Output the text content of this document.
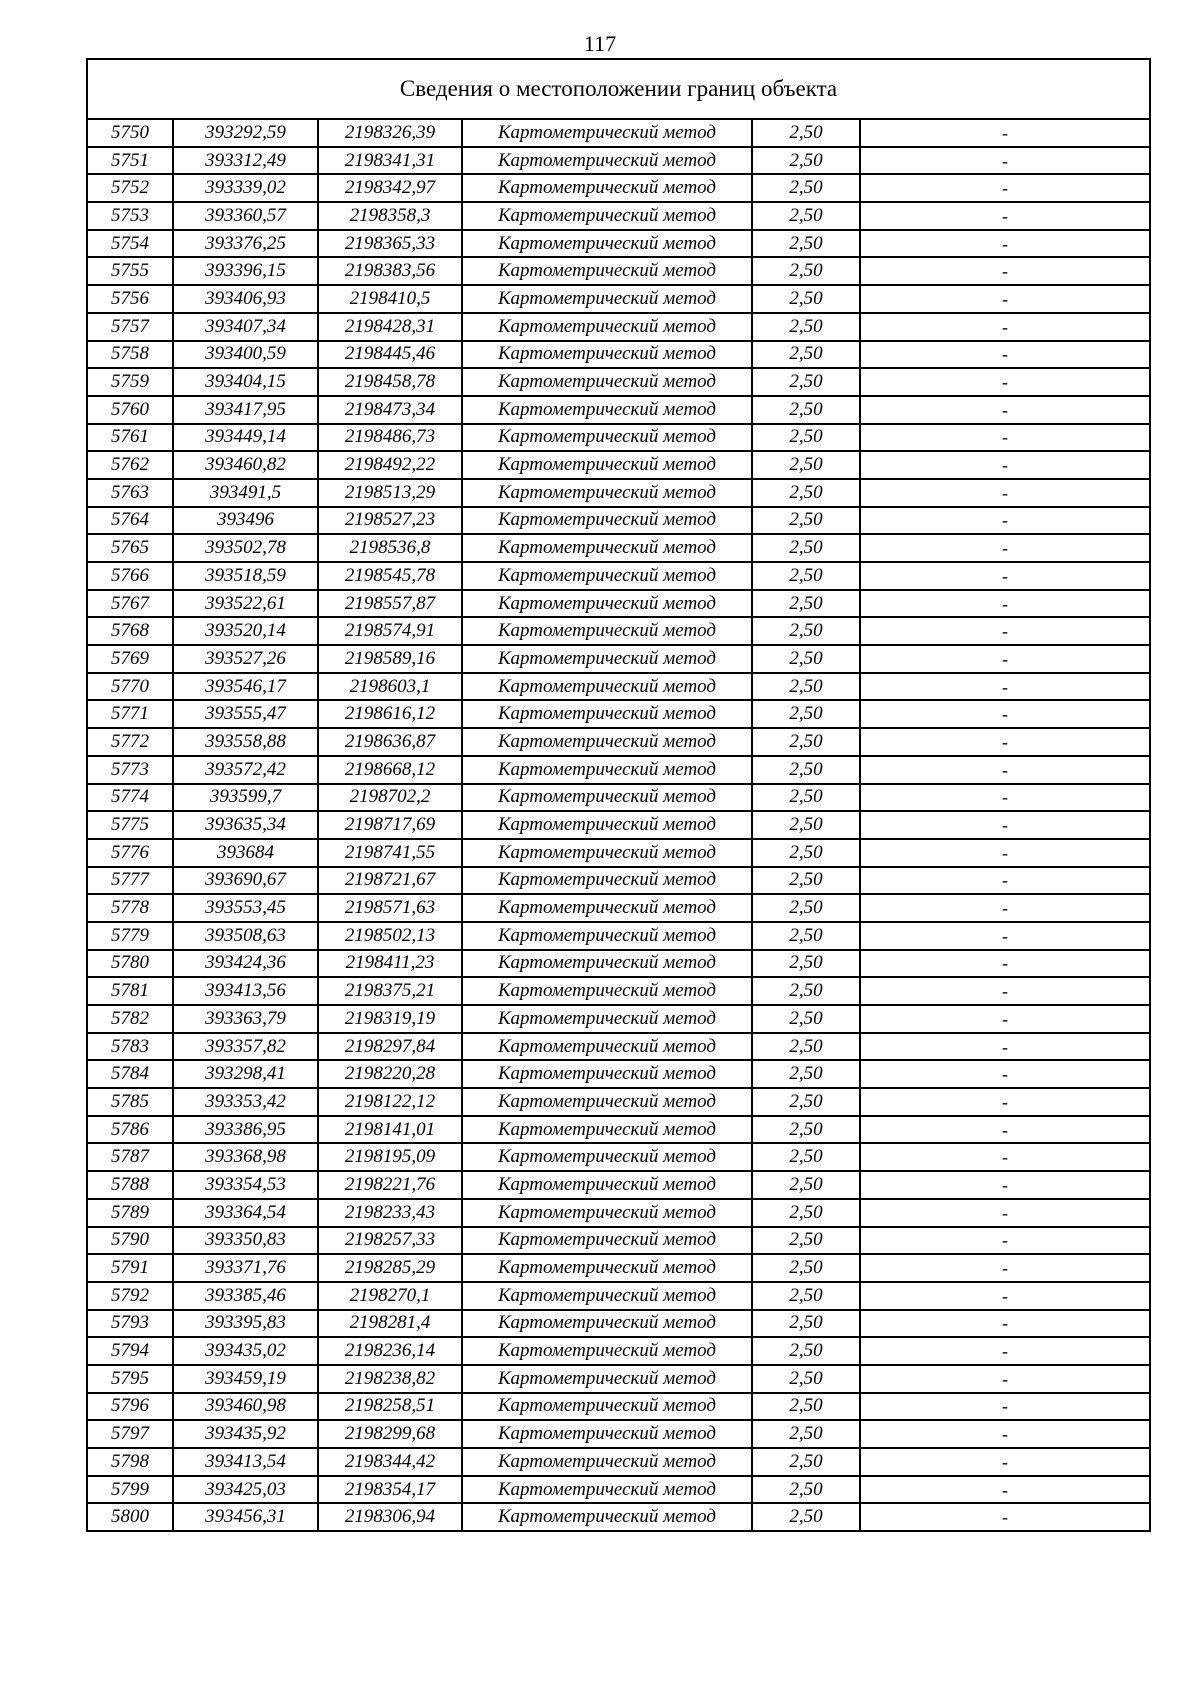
117
Сведения о местоположении границ объекта					
5750	393292,59	2198326,39	Картометрический метод	2,50	-
5751	393312,49	2198341,31	Картометрический метод	2,50	-
5752	393339,02	2198342,97	Картометрический метод	2,50	-
5753	393360,57	2198358,3	Картометрический метод	2,50	-
5754	393376,25	2198365,33	Картометрический метод	2,50	-
5755	393396,15	2198383,56	Картометрический метод	2,50	-
5756	393406,93	2198410,5	Картометрический метод	2,50	-
5757	393407,34	2198428,31	Картометрический метод	2,50	-
5758	393400,59	2198445,46	Картометрический метод	2,50	-
5759	393404,15	2198458,78	Картометрический метод	2,50	-
5760	393417,95	2198473,34	Картометрический метод	2,50	-
5761	393449,14	2198486,73	Картометрический метод	2,50	-
5762	393460,82	2198492,22	Картометрический метод	2,50	-
5763	393491,5	2198513,29	Картометрический метод	2,50	-
5764	393496	2198527,23	Картометрический метод	2,50	-
5765	393502,78	2198536,8	Картометрический метод	2,50	-
5766	393518,59	2198545,78	Картометрический метод	2,50	-
5767	393522,61	2198557,87	Картометрический метод	2,50	-
5768	393520,14	2198574,91	Картометрический метод	2,50	-
5769	393527,26	2198589,16	Картометрический метод	2,50	-
5770	393546,17	2198603,1	Картометрический метод	2,50	-
5771	393555,47	2198616,12	Картометрический метод	2,50	-
5772	393558,88	2198636,87	Картометрический метод	2,50	-
5773	393572,42	2198668,12	Картометрический метод	2,50	-
5774	393599,7	2198702,2	Картометрический метод	2,50	-
5775	393635,34	2198717,69	Картометрический метод	2,50	-
5776	393684	2198741,55	Картометрический метод	2,50	-
5777	393690,67	2198721,67	Картометрический метод	2,50	-
5778	393553,45	2198571,63	Картометрический метод	2,50	-
5779	393508,63	2198502,13	Картометрический метод	2,50	-
5780	393424,36	2198411,23	Картометрический метод	2,50	-
5781	393413,56	2198375,21	Картометрический метод	2,50	-
5782	393363,79	2198319,19	Картометрический метод	2,50	-
5783	393357,82	2198297,84	Картометрический метод	2,50	-
5784	393298,41	2198220,28	Картометрический метод	2,50	-
5785	393353,42	2198122,12	Картометрический метод	2,50	-
5786	393386,95	2198141,01	Картометрический метод	2,50	-
5787	393368,98	2198195,09	Картометрический метод	2,50	-
5788	393354,53	2198221,76	Картометрический метод	2,50	-
5789	393364,54	2198233,43	Картометрический метод	2,50	-
5790	393350,83	2198257,33	Картометрический метод	2,50	-
5791	393371,76	2198285,29	Картометрический метод	2,50	-
5792	393385,46	2198270,1	Картометрический метод	2,50	-
5793	393395,83	2198281,4	Картометрический метод	2,50	-
5794	393435,02	2198236,14	Картометрический метод	2,50	-
5795	393459,19	2198238,82	Картометрический метод	2,50	-
5796	393460,98	2198258,51	Картометрический метод	2,50	-
5797	393435,92	2198299,68	Картометрический метод	2,50	-
5798	393413,54	2198344,42	Картометрический метод	2,50	-
5799	393425,03	2198354,17	Картометрический метод	2,50	-
5800	393456,31	2198306,94	Картометрический метод	2,50	-
